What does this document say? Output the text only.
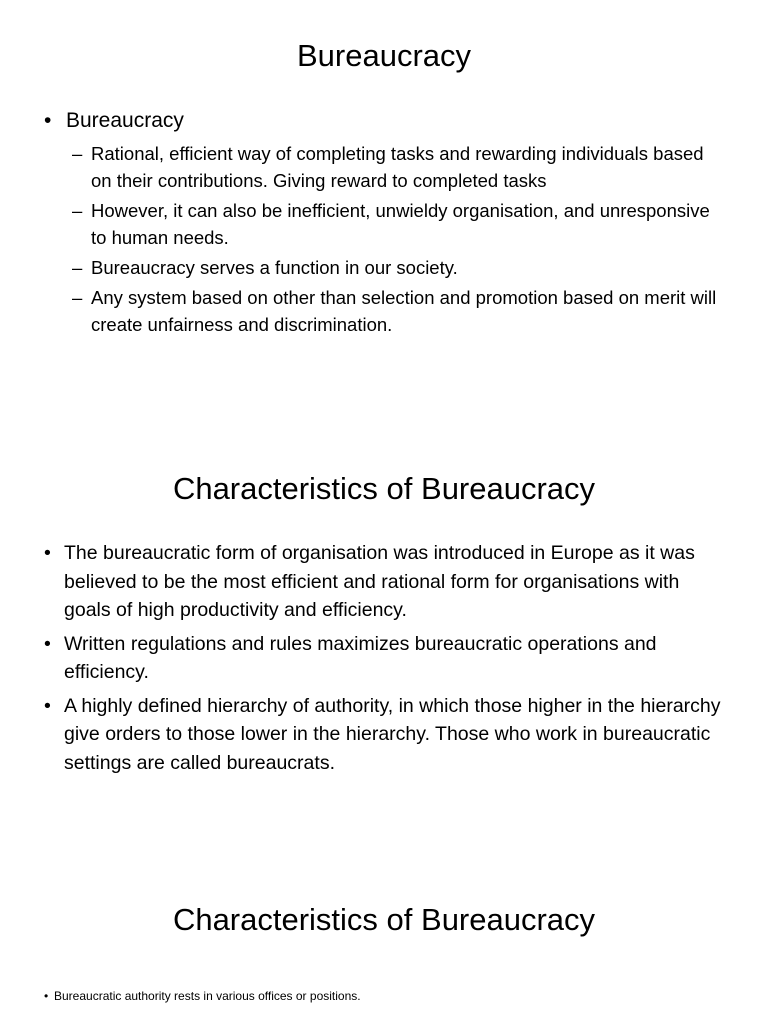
Bureaucracy
• Bureaucracy
– Rational, efficient way of completing tasks and rewarding individuals based on their contributions. Giving reward to completed tasks
– However, it can also be inefficient, unwieldy organisation, and unresponsive to human needs.
– Bureaucracy serves a function in our society.
– Any system based on other than selection and promotion based on merit will create unfairness and discrimination.
Characteristics of Bureaucracy
• The bureaucratic form of organisation was introduced in Europe as it was believed to be the most efficient and rational form for organisations with goals of high productivity and efficiency.
• Written regulations and rules maximizes bureaucratic operations and efficiency.
• A highly defined hierarchy of authority, in which those higher in the hierarchy give orders to those lower in the hierarchy. Those who work in bureaucratic settings are called bureaucrats.
Characteristics of Bureaucracy
• Bureaucratic authority rests in various offices or positions.
